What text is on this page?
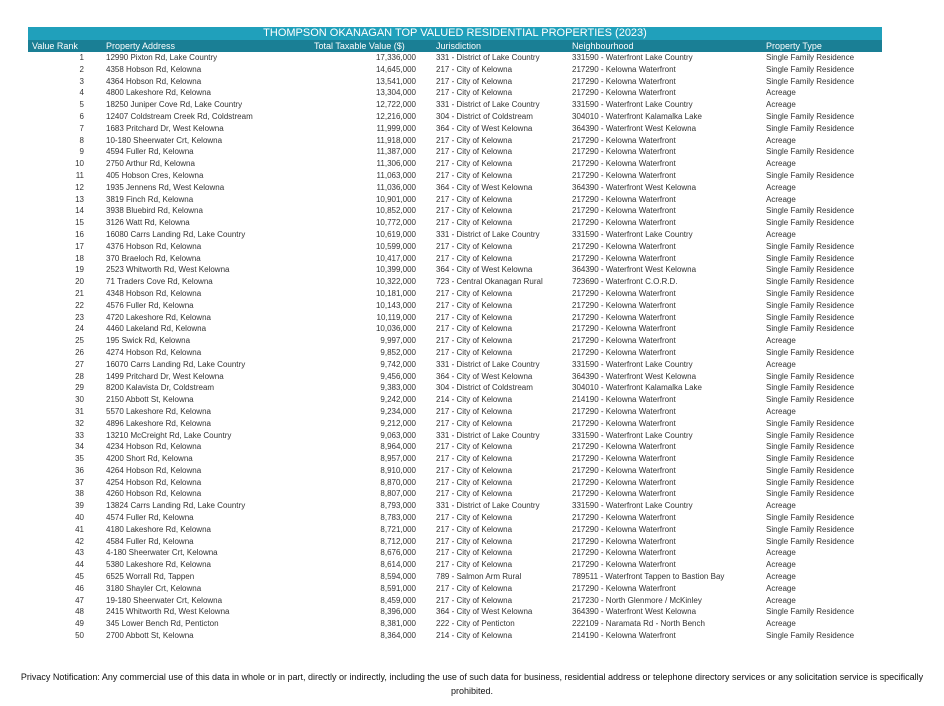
THOMPSON OKANAGAN TOP VALUED RESIDENTIAL PROPERTIES (2023)
Value Rank	Property Address	Total Taxable Value ($)	Jurisdiction	Neighbourhood	Property Type
1	12990 Pixton Rd, Lake Country	17,336,000	331 - District of Lake Country	331590 - Waterfront Lake Country	Single Family Residence
2	4358 Hobson Rd, Kelowna	14,645,000	217 - City of Kelowna	217290 - Kelowna Waterfront	Single Family Residence
3	4364 Hobson Rd, Kelowna	13,541,000	217 - City of Kelowna	217290 - Kelowna Waterfront	Single Family Residence
4	4800 Lakeshore Rd, Kelowna	13,304,000	217 - City of Kelowna	217290 - Kelowna Waterfront	Acreage
5	18250 Juniper Cove Rd, Lake Country	12,722,000	331 - District of Lake Country	331590 - Waterfront Lake Country	Acreage
6	12407 Coldstream Creek Rd, Coldstream	12,216,000	304 - District of Coldstream	304010 - Waterfront Kalamalka Lake	Single Family Residence
7	1683 Pritchard Dr, West Kelowna	11,999,000	364 - City of West Kelowna	364390 - Waterfront West Kelowna	Single Family Residence
8	10-180 Sheerwater Crt, Kelowna	11,918,000	217 - City of Kelowna	217290 - Kelowna Waterfront	Acreage
9	4594 Fuller Rd, Kelowna	11,387,000	217 - City of Kelowna	217290 - Kelowna Waterfront	Single Family Residence
10	2750 Arthur Rd, Kelowna	11,306,000	217 - City of Kelowna	217290 - Kelowna Waterfront	Acreage
11	405 Hobson Cres, Kelowna	11,063,000	217 - City of Kelowna	217290 - Kelowna Waterfront	Single Family Residence
12	1935 Jennens Rd, West Kelowna	11,036,000	364 - City of West Kelowna	364390 - Waterfront West Kelowna	Acreage
13	3819 Finch Rd, Kelowna	10,901,000	217 - City of Kelowna	217290 - Kelowna Waterfront	Acreage
14	3938 Bluebird Rd, Kelowna	10,852,000	217 - City of Kelowna	217290 - Kelowna Waterfront	Single Family Residence
15	3126 Watt Rd, Kelowna	10,772,000	217 - City of Kelowna	217290 - Kelowna Waterfront	Single Family Residence
16	16080 Carrs Landing Rd, Lake Country	10,619,000	331 - District of Lake Country	331590 - Waterfront Lake Country	Acreage
17	4376 Hobson Rd, Kelowna	10,599,000	217 - City of Kelowna	217290 - Kelowna Waterfront	Single Family Residence
18	370 Braeloch Rd, Kelowna	10,417,000	217 - City of Kelowna	217290 - Kelowna Waterfront	Single Family Residence
19	2523 Whitworth Rd, West Kelowna	10,399,000	364 - City of West Kelowna	364390 - Waterfront West Kelowna	Single Family Residence
20	71 Traders Cove Rd, Kelowna	10,322,000	723 - Central Okanagan Rural	723690 - Waterfront C.O.R.D.	Single Family Residence
21	4348 Hobson Rd, Kelowna	10,181,000	217 - City of Kelowna	217290 - Kelowna Waterfront	Single Family Residence
22	4576 Fuller Rd, Kelowna	10,143,000	217 - City of Kelowna	217290 - Kelowna Waterfront	Single Family Residence
23	4720 Lakeshore Rd, Kelowna	10,119,000	217 - City of Kelowna	217290 - Kelowna Waterfront	Single Family Residence
24	4460 Lakeland Rd, Kelowna	10,036,000	217 - City of Kelowna	217290 - Kelowna Waterfront	Single Family Residence
25	195 Swick Rd, Kelowna	9,997,000	217 - City of Kelowna	217290 - Kelowna Waterfront	Acreage
26	4274 Hobson Rd, Kelowna	9,852,000	217 - City of Kelowna	217290 - Kelowna Waterfront	Single Family Residence
27	16070 Carrs Landing Rd, Lake Country	9,742,000	331 - District of Lake Country	331590 - Waterfront Lake Country	Acreage
28	1499 Pritchard Dr, West Kelowna	9,456,000	364 - City of West Kelowna	364390 - Waterfront West Kelowna	Single Family Residence
29	8200 Kalavista Dr, Coldstream	9,383,000	304 - District of Coldstream	304010 - Waterfront Kalamalka Lake	Single Family Residence
30	2150 Abbott St, Kelowna	9,242,000	214 - City of Kelowna	214190 - Kelowna Waterfront	Single Family Residence
31	5570 Lakeshore Rd, Kelowna	9,234,000	217 - City of Kelowna	217290 - Kelowna Waterfront	Acreage
32	4896 Lakeshore Rd, Kelowna	9,212,000	217 - City of Kelowna	217290 - Kelowna Waterfront	Single Family Residence
33	13210 McCreight Rd, Lake Country	9,063,000	331 - District of Lake Country	331590 - Waterfront Lake Country	Single Family Residence
34	4234 Hobson Rd, Kelowna	8,964,000	217 - City of Kelowna	217290 - Kelowna Waterfront	Single Family Residence
35	4200 Short Rd, Kelowna	8,957,000	217 - City of Kelowna	217290 - Kelowna Waterfront	Single Family Residence
36	4264 Hobson Rd, Kelowna	8,910,000	217 - City of Kelowna	217290 - Kelowna Waterfront	Single Family Residence
37	4254 Hobson Rd, Kelowna	8,870,000	217 - City of Kelowna	217290 - Kelowna Waterfront	Single Family Residence
38	4260 Hobson Rd, Kelowna	8,807,000	217 - City of Kelowna	217290 - Kelowna Waterfront	Single Family Residence
39	13824 Carrs Landing Rd, Lake Country	8,793,000	331 - District of Lake Country	331590 - Waterfront Lake Country	Acreage
40	4574 Fuller Rd, Kelowna	8,783,000	217 - City of Kelowna	217290 - Kelowna Waterfront	Single Family Residence
41	4180 Lakeshore Rd, Kelowna	8,721,000	217 - City of Kelowna	217290 - Kelowna Waterfront	Single Family Residence
42	4584 Fuller Rd, Kelowna	8,712,000	217 - City of Kelowna	217290 - Kelowna Waterfront	Single Family Residence
43	4-180 Sheerwater Crt, Kelowna	8,676,000	217 - City of Kelowna	217290 - Kelowna Waterfront	Acreage
44	5380 Lakeshore Rd, Kelowna	8,614,000	217 - City of Kelowna	217290 - Kelowna Waterfront	Acreage
45	6525 Worrall Rd, Tappen	8,594,000	789 - Salmon Arm Rural	789511 - Waterfront Tappen to Bastion Bay	Acreage
46	3180 Shayler Crt, Kelowna	8,591,000	217 - City of Kelowna	217290 - Kelowna Waterfront	Acreage
47	19-180 Sheerwater Crt, Kelowna	8,459,000	217 - City of Kelowna	217230 - North Glenmore / McKinley	Acreage
48	2415 Whitworth Rd, West Kelowna	8,396,000	364 - City of West Kelowna	364390 - Waterfront West Kelowna	Single Family Residence
49	345 Lower Bench Rd, Penticton	8,381,000	222 - City of Penticton	222109 - Naramata Rd - North Bench	Acreage
50	2700 Abbott St, Kelowna	8,364,000	214 - City of Kelowna	214190 - Kelowna Waterfront	Single Family Residence
Privacy Notification: Any commercial use of this data in whole or in part, directly or indirectly, including the use of such data for business, residential address or telephone directory services or any solicitation service is specifically prohibited.
